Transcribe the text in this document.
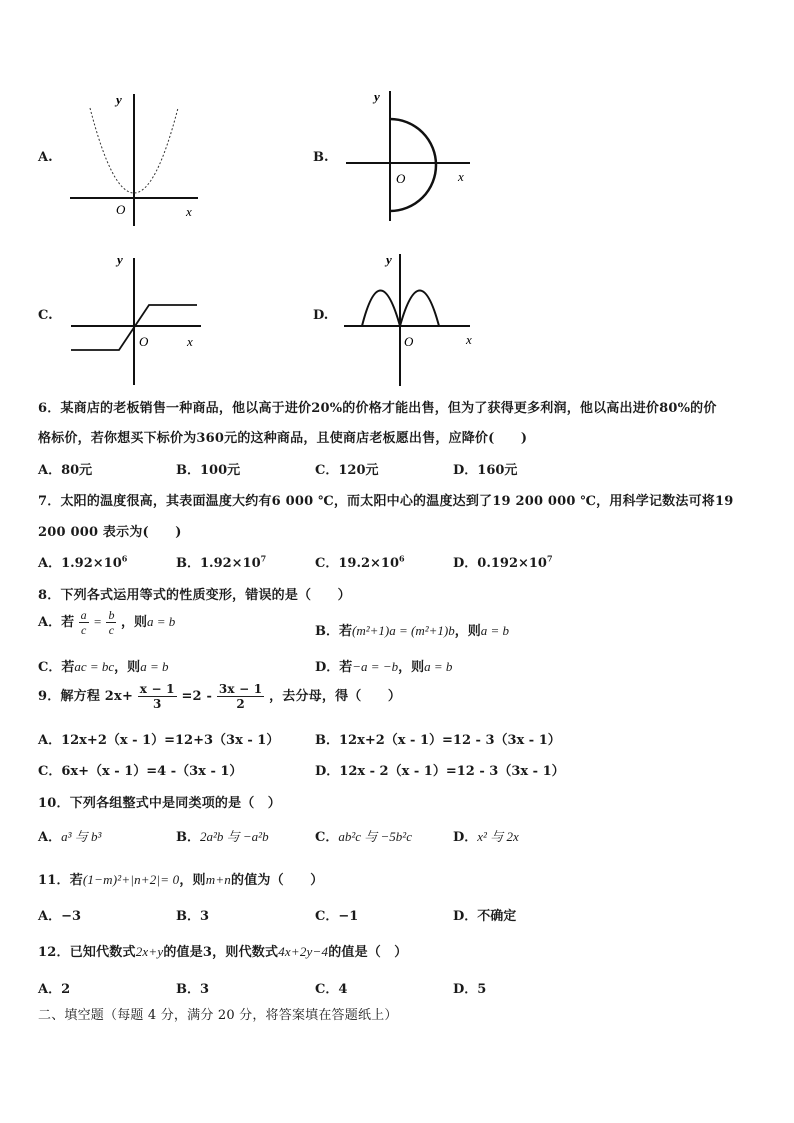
A.	B.
C.	D.
x
y
O
x
y
O
x
y
O	x
y
O
6．某商店的老板销售一种商品，他以高于进价20%的价格才能出售，但为了获得更多利润，他以高出进价80%的价
格标价，若你想买下标价为360元的这种商品，且使商店老板愿出售，应降价(　　)
A．80元	B．100元	C．120元	D．160元
7．太阳的温度很高，其表面温度大约有6 000 ℃，而太阳中心的温度达到了19 200 000 ℃，用科学记数法可将19
200 000 表示为(　　)
A．$1.92\times 10^6$	B．$1.92\times 10^7$	C．$19.2\times 10^6$	D．$0.192\times 10^7$
8．下列各式运用等式的性质变形，错误的是（　　）
A．若 $\frac{a}{c} = \frac{b}{c}$ ，则a = b
B．若(m²+1)a = (m²+1)b，则a = b
C．若ac = bc，则a = b	D．若−a = −b，则a = b
9．解方程 $2x+ \frac{x - 1}{3} =2 - \frac{3x - 1}{2}$ ，去分母，得（　　）
A．12x+2（x - 1）=12+3（3x - 1）	B．12x+2（x - 1）=12 - 3（3x - 1）
C．6x+（x - 1）=4 -（3x - 1）	D．12x - 2（x - 1）=12 - 3（3x - 1）
10．下列各组整式中是同类项的是（　）
A．a³ 与 b³	B．2a²b 与 −a²b	C．ab²c 与 −5b²c	D．x² 与 2x
11．若(1−m)²+|n+2|= 0，则m+n的值为（　　）
A．−3	B．3	C．−1	D．不确定
12．已知代数式2x+y的值是3，则代数式4x+2y−4的值是（　）
A．2	B．3	C．4	D．5
二、填空题（每题 4 分，满分 20 分，将答案填在答题纸上）
